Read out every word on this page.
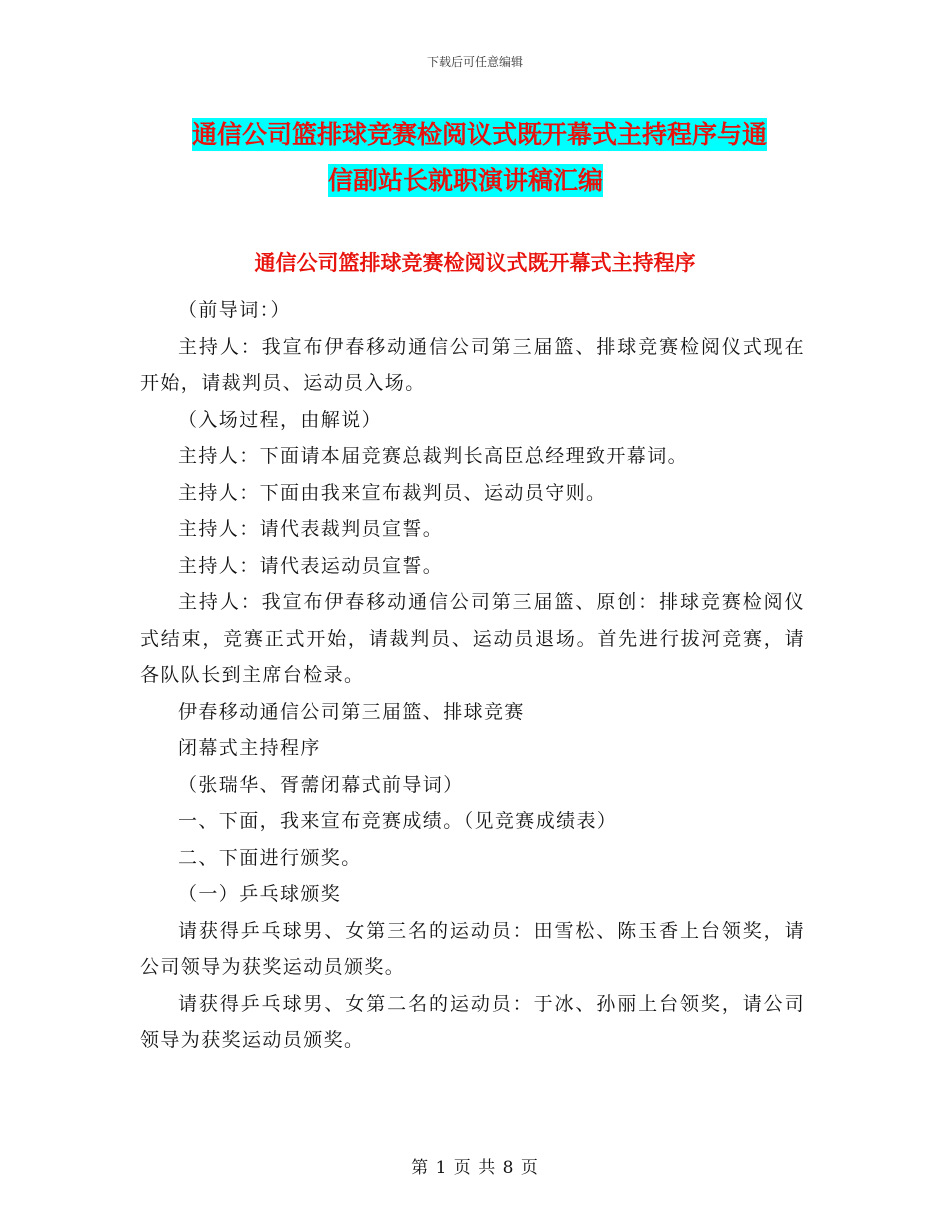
下载后可任意编辑
通信公司篮排球竞赛检阅议式既开幕式主持程序与通
信副站长就职演讲稿汇编
通信公司篮排球竞赛检阅议式既开幕式主持程序

（前导词：）

主持人：我宣布伊春移动通信公司第三届篮、排球竞赛检阅仪式现在开始，请裁判员、运动员入场。

（入场过程，由解说）

主持人：下面请本届竞赛总裁判长高臣总经理致开幕词。

主持人：下面由我来宣布裁判员、运动员守则。

主持人：请代表裁判员宣誓。

主持人：请代表运动员宣誓。

主持人：我宣布伊春移动通信公司第三届篮、原创：排球竞赛检阅仪式结束，竞赛正式开始，请裁判员、运动员退场。首先进行拔河竞赛，请各队队长到主席台检录。

伊春移动通信公司第三届篮、排球竞赛

闭幕式主持程序

（张瑞华、胥薷闭幕式前导词）

一、下面，我来宣布竞赛成绩。（见竞赛成绩表）

二、下面进行颁奖。

（一）乒乓球颁奖

请获得乒乓球男、女第三名的运动员：田雪松、陈玉香上台领奖，请公司领导为获奖运动员颁奖。

请获得乒乓球男、女第二名的运动员：于冰、孙丽上台领奖，请公司领导为获奖运动员颁奖。

第 1 页 共 8 页
